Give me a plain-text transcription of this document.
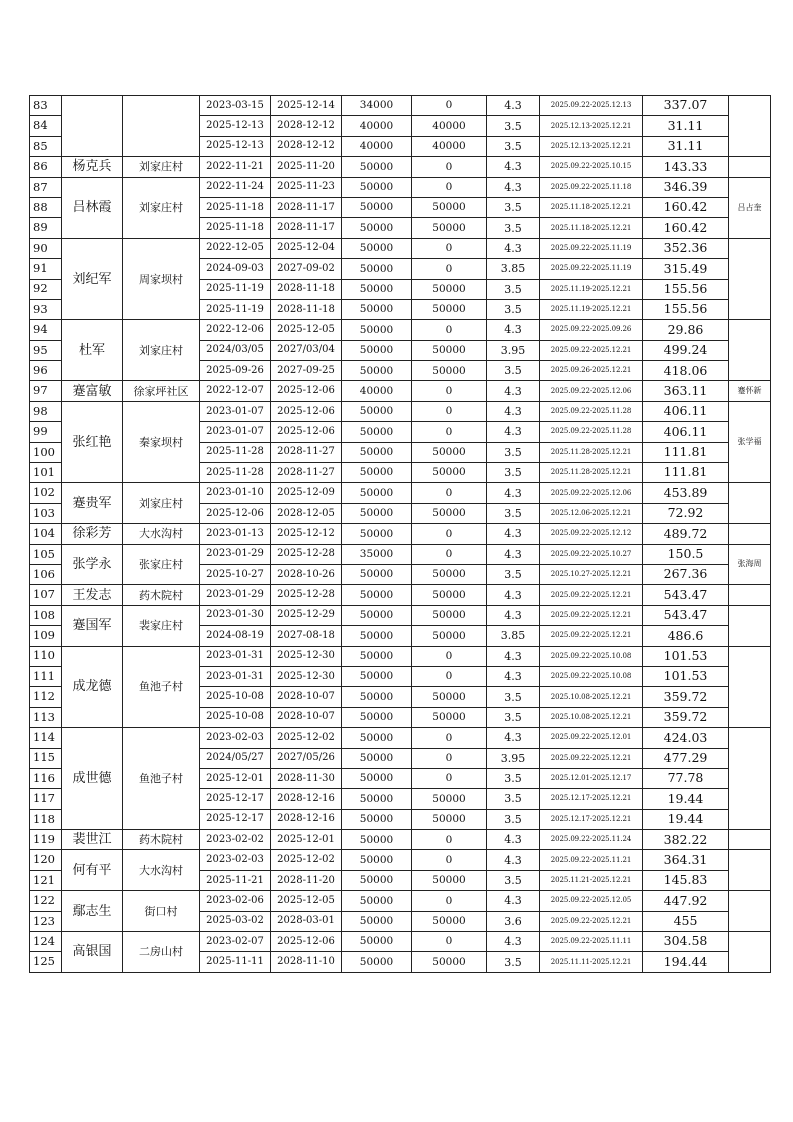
83			2023-03-15	2025-12-14	34000	0	4.3	2025.09.22-2025.12.13	337.07	
84			2025-12-13	2028-12-12	40000	40000	3.5	2025.12.13-2025.12.21	31.11	
85			2025-12-13	2028-12-12	40000	40000	3.5	2025.12.13-2025.12.21	31.11	
86	杨克兵	刘家庄村	2022-11-21	2025-11-20	50000	0	4.3	2025.09.22-2025.10.15	143.33	
87	吕林霞	刘家庄村	2022-11-24	2025-11-23	50000	0	4.3	2025.09.22-2025.11.18	346.39	吕占奎
88			2025-11-18	2028-11-17	50000	50000	3.5	2025.11.18-2025.12.21	160.42	
89			2025-11-18	2028-11-17	50000	50000	3.5	2025.11.18-2025.12.21	160.42	
90	刘纪军	周家坝村	2022-12-05	2025-12-04	50000	0	4.3	2025.09.22-2025.11.19	352.36	
91			2024-09-03	2027-09-02	50000	0	3.85	2025.09.22-2025.11.19	315.49	
92			2025-11-19	2028-11-18	50000	50000	3.5	2025.11.19-2025.12.21	155.56	
93			2025-11-19	2028-11-18	50000	50000	3.5	2025.11.19-2025.12.21	155.56	
94	杜军	刘家庄村	2022-12-06	2025-12-05	50000	0	4.3	2025.09.22-2025.09.26	29.86	
95			2024/03/05	2027/03/04	50000	50000	3.95	2025.09.22-2025.12.21	499.24	
96			2025-09-26	2027-09-25	50000	50000	3.5	2025.09.26-2025.12.21	418.06	
97	蹇富敏	徐家坪社区	2022-12-07	2025-12-06	40000	0	4.3	2025.09.22-2025.12.06	363.11	蹇怀新
98	张红艳	秦家坝村	2023-01-07	2025-12-06	50000	0	4.3	2025.09.22-2025.11.28	406.11	张学福
99			2023-01-07	2025-12-06	50000	0	4.3	2025.09.22-2025.11.28	406.11	
100			2025-11-28	2028-11-27	50000	50000	3.5	2025.11.28-2025.12.21	111.81	
101			2025-11-28	2028-11-27	50000	50000	3.5	2025.11.28-2025.12.21	111.81	
102	蹇贵军	刘家庄村	2023-01-10	2025-12-09	50000	0	4.3	2025.09.22-2025.12.06	453.89	
103			2025-12-06	2028-12-05	50000	50000	3.5	2025.12.06-2025.12.21	72.92	
104	徐彩芳	大水沟村	2023-01-13	2025-12-12	50000	0	4.3	2025.09.22-2025.12.12	489.72	
105	张学永	张家庄村	2023-01-29	2025-12-28	35000	0	4.3	2025.09.22-2025.10.27	150.5	张海周
106			2025-10-27	2028-10-26	50000	50000	3.5	2025.10.27-2025.12.21	267.36	
107	王发志	药木院村	2023-01-29	2025-12-28	50000	50000	4.3	2025.09.22-2025.12.21	543.47	
108	蹇国军	裴家庄村	2023-01-30	2025-12-29	50000	50000	4.3	2025.09.22-2025.12.21	543.47	
109			2024-08-19	2027-08-18	50000	50000	3.85	2025.09.22-2025.12.21	486.6	
110	成龙德	鱼池子村	2023-01-31	2025-12-30	50000	0	4.3	2025.09.22-2025.10.08	101.53	
111			2023-01-31	2025-12-30	50000	0	4.3	2025.09.22-2025.10.08	101.53	
112			2025-10-08	2028-10-07	50000	50000	3.5	2025.10.08-2025.12.21	359.72	
113			2025-10-08	2028-10-07	50000	50000	3.5	2025.10.08-2025.12.21	359.72	
114	成世德	鱼池子村	2023-02-03	2025-12-02	50000	0	4.3	2025.09.22-2025.12.01	424.03	
115			2024/05/27	2027/05/26	50000	0	3.95	2025.09.22-2025.12.21	477.29	
116			2025-12-01	2028-11-30	50000	0	3.5	2025.12.01-2025.12.17	77.78	
117			2025-12-17	2028-12-16	50000	50000	3.5	2025.12.17-2025.12.21	19.44	
118			2025-12-17	2028-12-16	50000	50000	3.5	2025.12.17-2025.12.21	19.44	
119	裴世江	药木院村	2023-02-02	2025-12-01	50000	0	4.3	2025.09.22-2025.11.24	382.22	
120	何有平	大水沟村	2023-02-03	2025-12-02	50000	0	4.3	2025.09.22-2025.11.21	364.31	
121			2025-11-21	2028-11-20	50000	50000	3.5	2025.11.21-2025.12.21	145.83	
122	鄢志生	街口村	2023-02-06	2025-12-05	50000	0	4.3	2025.09.22-2025.12.05	447.92	
123			2025-03-02	2028-03-01	50000	50000	3.6	2025.09.22-2025.12.21	455	
124	高银国	二房山村	2023-02-07	2025-12-06	50000	0	4.3	2025.09.22-2025.11.11	304.58	
125			2025-11-11	2028-11-10	50000	50000	3.5	2025.11.11-2025.12.21	194.44	
